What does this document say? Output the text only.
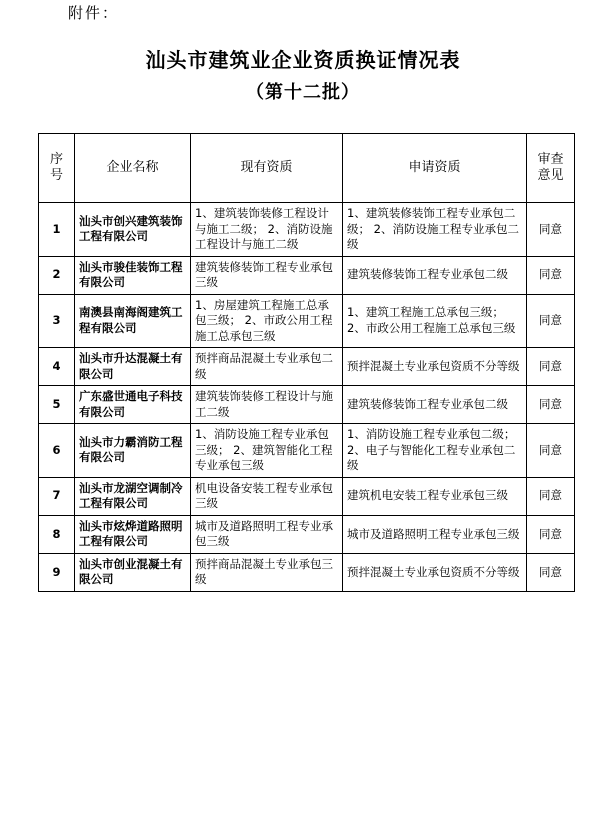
附件：
汕头市建筑业企业资质换证情况表
（第十二批）
序
号	企业名称	现有资质	申请资质	审查
意见

1	汕头市创兴建筑装饰工程有限公司	1、建筑装饰装修工程设计与施工二级； 2、消防设施工程设计与施工二级	1、建筑装修装饰工程专业承包二级； 2、消防设施工程专业承包二级	同意
2	汕头市骏佳装饰工程有限公司	建筑装修装饰工程专业承包三级	建筑装修装饰工程专业承包二级	同意
3	南澳县南海阁建筑工程有限公司	1、房屋建筑工程施工总承包三级； 2、市政公用工程施工总承包三级	1、建筑工程施工总承包三级； 2、市政公用工程施工总承包三级	同意
4	汕头市升达混凝土有限公司	预拌商品混凝土专业承包二级	预拌混凝土专业承包资质不分等级	同意
5	广东盛世通电子科技有限公司	建筑装饰装修工程设计与施工二级	建筑装修装饰工程专业承包二级	同意
6	汕头市力霸消防工程有限公司	1、消防设施工程专业承包三级； 2、建筑智能化工程专业承包三级	1、消防设施工程专业承包二级； 2、电子与智能化工程专业承包二级	同意
7	汕头市龙湖空调制冷工程有限公司	机电设备安装工程专业承包三级	建筑机电安装工程专业承包三级	同意
8	汕头市炫烨道路照明工程有限公司	城市及道路照明工程专业承包三级	城市及道路照明工程专业承包三级	同意
9	汕头市创业混凝土有限公司	预拌商品混凝土专业承包三级	预拌混凝土专业承包资质不分等级	同意
